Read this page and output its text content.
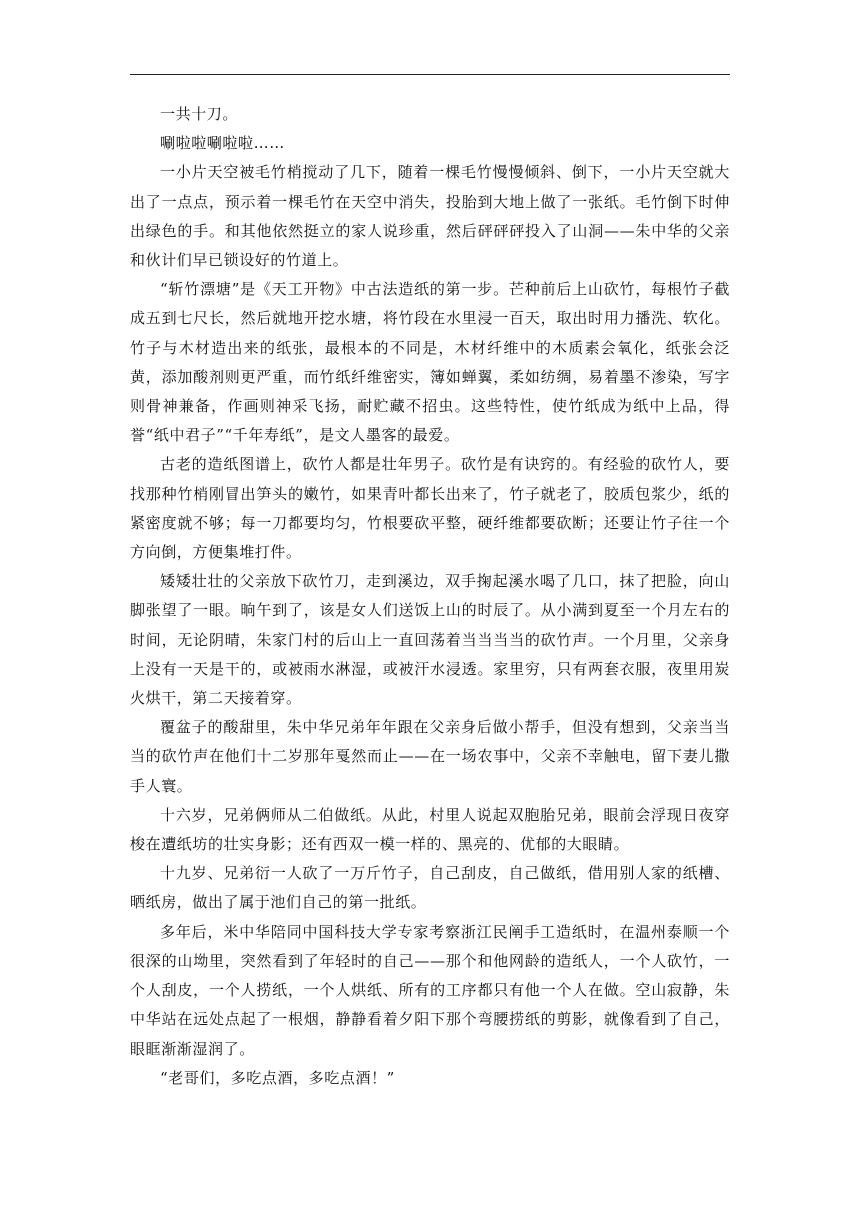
一共十刀。

唰啦啦唰啦啦……

一小片天空被毛竹梢搅动了几下，随着一棵毛竹慢慢倾斜、倒下，一小片天空就大出了一点点，预示着一棵毛竹在天空中消失，投胎到大地上做了一张纸。毛竹倒下时伸出绿色的手。和其他依然挺立的家人说珍重，然后砰砰砰投入了山洞——朱中华的父亲和伙计们早已锁设好的竹道上。

“斩竹漂塘”是《天工开物》中古法造纸的第一步。芒种前后上山砍竹，每根竹子截成五到七尺长，然后就地开挖水塘，将竹段在水里浸一百天，取出时用力播洗、软化。竹子与木材造出来的纸张，最根本的不同是，木材纤维中的木质素会氧化，纸张会泛黄，添加酸剂则更严重，而竹纸纤维密实，簿如蝉翼，柔如纺绸，易着墨不渗染，写字则骨神兼备，作画则神采飞扬，耐贮藏不招虫。这些特性，使竹纸成为纸中上品，得誉“纸中君子”“千年寿纸”，是文人墨客的最爱。

古老的造纸图谱上，砍竹人都是壮年男子。砍竹是有诀窍的。有经验的砍竹人，要找那种竹梢刚冒出笋头的嫩竹，如果青叶都长出来了，竹子就老了，胶质包浆少，纸的紧密度就不够；每一刀都要均匀，竹根要砍平整，硬纤维都要砍断；还要让竹子往一个方向倒，方便集堆打件。

矮矮壮壮的父亲放下砍竹刀，走到溪边，双手掬起溪水喝了几口，抹了把脸，向山脚张望了一眼。晌午到了，该是女人们送饭上山的时辰了。从小满到夏至一个月左右的时间，无论阴晴，朱家门村的后山上一直回荡着当当当当的砍竹声。一个月里，父亲身上没有一天是干的，或被雨水淋湿，或被汗水浸透。家里穷，只有两套衣服，夜里用炭火烘干，第二天接着穿。

覆盆子的酸甜里，朱中华兄弟年年跟在父亲身后做小帮手，但没有想到，父亲当当当的砍竹声在他们十二岁那年戛然而止——在一场农事中，父亲不幸触电，留下妻儿撒手人寰。

十六岁，兄弟俩师从二伯做纸。从此，村里人说起双胞胎兄弟，眼前会浮现日夜穿梭在遭纸坊的壮实身影；还有西双一模一样的、黑亮的、优郁的大眼睛。

十九岁、兄弟衍一人砍了一万斤竹子，自己刮皮，自己做纸，借用别人家的纸槽、晒纸房，做出了属于池们自己的第一批纸。

多年后，米中华陪同中国科技大学专家考察浙江民阐手工造纸时，在温州泰顺一个很深的山坳里，突然看到了年轻时的自己——那个和他网龄的造纸人，一个人砍竹，一个人刮皮，一个人捞纸，一个人烘纸、所有的工序都只有他一个人在做。空山寂静，朱中华站在远处点起了一根烟，静静看着夕阳下那个弯腰捞纸的剪影，就像看到了自己，眼眶渐渐湿润了。

“老哥们，多吃点酒，多吃点酒！”
